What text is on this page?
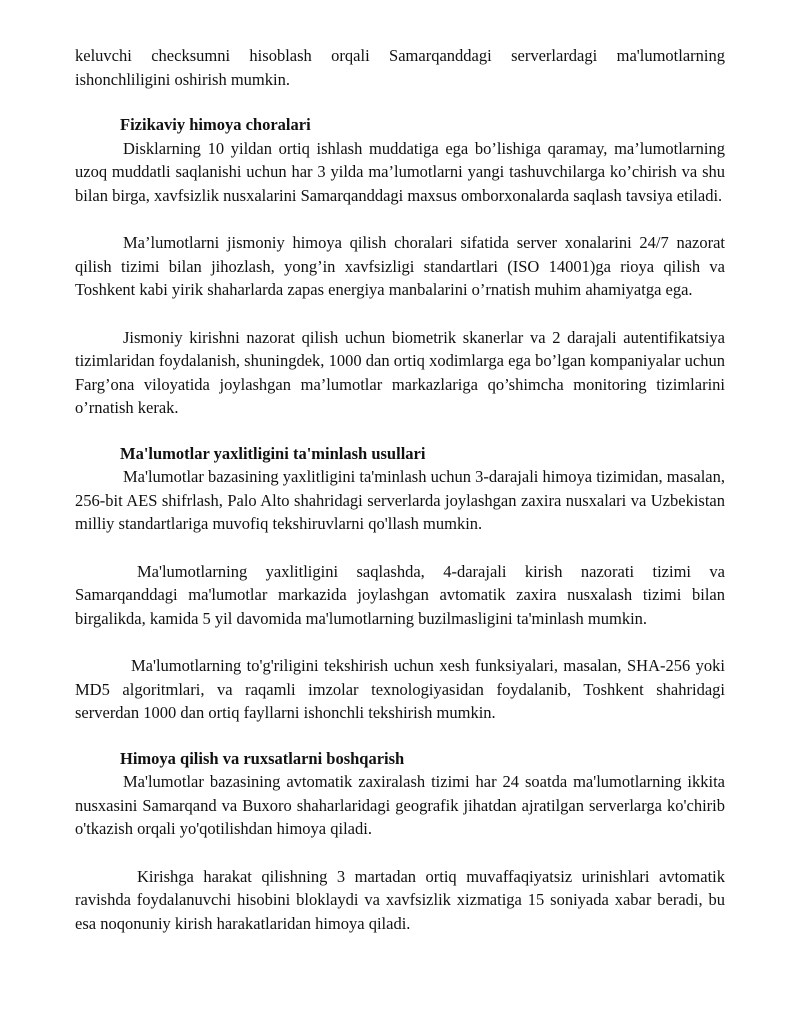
keluvchi checksumni hisoblash orqali Samarqanddagi serverlardagi ma'lumotlarning ishonchliligini oshirish mumkin.

Fizikaviy himoya choralari

Disklarning 10 yildan ortiq ishlash muddatiga ega bo’lishiga qaramay, ma’lumotlarning uzoq muddatli saqlanishi uchun har 3 yilda ma’lumotlarni yangi tashuvchilarga ko’chirish va shu bilan birga, xavfsizlik nusxalarini Samarqanddagi maxsus omborxonalarda saqlash tavsiya etiladi.

Ma’lumotlarni jismoniy himoya qilish choralari sifatida server xonalarini 24/7 nazorat qilish tizimi bilan jihozlash, yong’in xavfsizligi standartlari (ISO 14001)ga rioya qilish va Toshkent kabi yirik shaharlarda zapas energiya manbalarini o’rnatish muhim ahamiyatga ega.

Jismoniy kirishni nazorat qilish uchun biometrik skanerlar va 2 darajali autentifikatsiya tizimlaridan foydalanish, shuningdek, 1000 dan ortiq xodimlarga ega bo’lgan kompaniyalar uchun Farg’ona viloyatida joylashgan ma’lumotlar markazlariga qo’shimcha monitoring tizimlarini o’rnatish kerak.

Ma'lumotlar yaxlitligini ta'minlash usullari

Ma'lumotlar bazasining yaxlitligini ta'minlash uchun 3-darajali himoya tizimidan, masalan, 256-bit AES shifrlash, Palo Alto shahridagi serverlarda joylashgan zaxira nusxalari va Uzbekistan milliy standartlariga muvofiq tekshiruvlarni qo'llash mumkin.

Ma'lumotlarning yaxlitligini saqlashda, 4-darajali kirish nazorati tizimi va Samarqanddagi ma'lumotlar markazida joylashgan avtomatik zaxira nusxalash tizimi bilan birgalikda, kamida 5 yil davomida ma'lumotlarning buzilmasligini ta'minlash mumkin.

Ma'lumotlarning to'g'riligini tekshirish uchun xesh funksiyalari, masalan, SHA-256 yoki MD5 algoritmlari, va raqamli imzolar texnologiyasidan foydalanib, Toshkent shahridagi serverdan 1000 dan ortiq fayllarni ishonchli tekshirish mumkin.

Himoya qilish va ruxsatlarni boshqarish

Ma'lumotlar bazasining avtomatik zaxiralash tizimi har 24 soatda ma'lumotlarning ikkita nusxasini Samarqand va Buxoro shaharlaridagi geografik jihatdan ajratilgan serverlarga ko'chirib o'tkazish orqali yo'qotilishdan himoya qiladi.

Kirishga harakat qilishning 3 martadan ortiq muvaffaqiyatsiz urinishlari avtomatik ravishda foydalanuvchi hisobini bloklaydi va xavfsizlik xizmatiga 15 soniyada xabar beradi, bu esa noqonuniy kirish harakatlaridan himoya qiladi.
